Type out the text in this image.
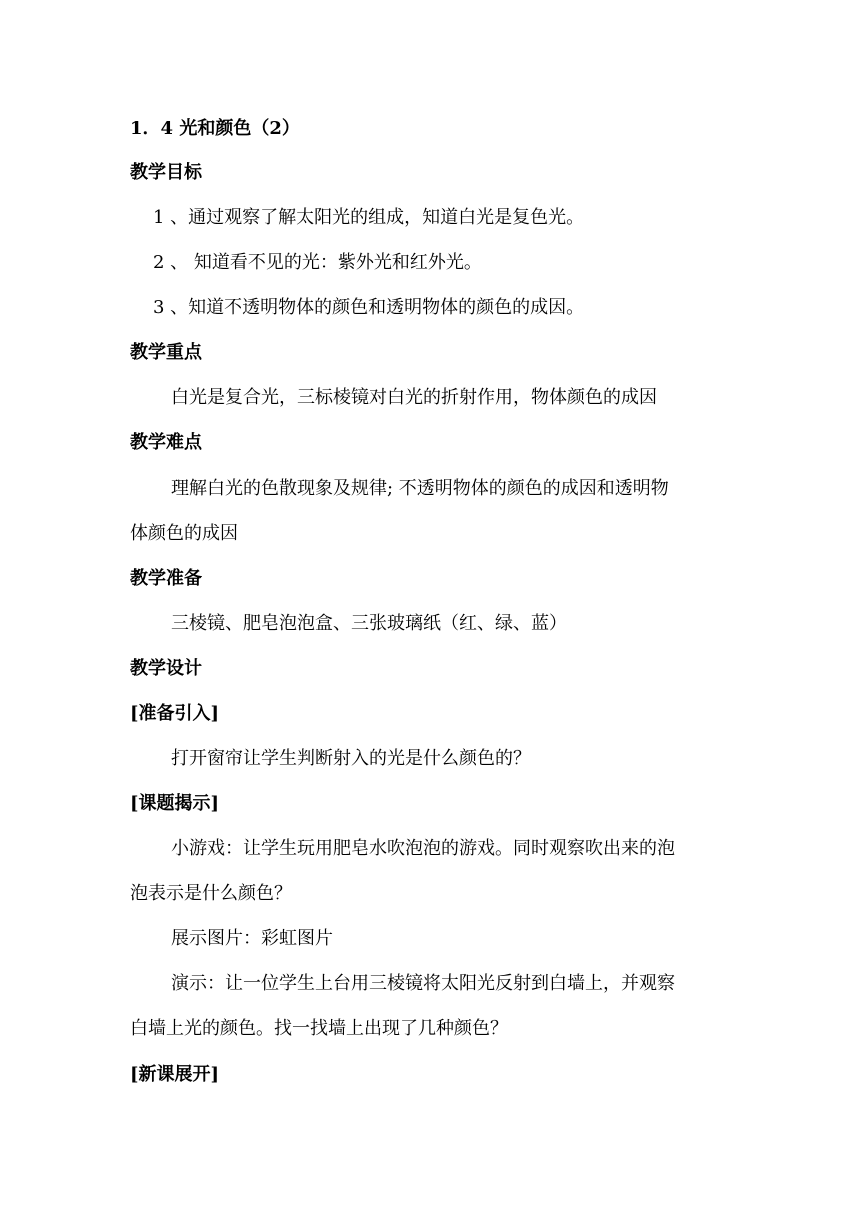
1．4 光和颜色（2）
教学目标
1 、通过观察了解太阳光的组成，知道白光是复色光。
2 、 知道看不见的光：紫外光和红外光。
3 、知道不透明物体的颜色和透明物体的颜色的成因。
教学重点
白光是复合光，三标棱镜对白光的折射作用，物体颜色的成因
教学难点
理解白光的色散现象及规律; 不透明物体的颜色的成因和透明物
体颜色的成因
教学准备
三棱镜、肥皂泡泡盒、三张玻璃纸（红、绿、蓝）
教学设计
[准备引入]
打开窗帘让学生判断射入的光是什么颜色的？
[课题揭示]
小游戏：让学生玩用肥皂水吹泡泡的游戏。同时观察吹出来的泡
泡表示是什么颜色？
展示图片：彩虹图片
演示：让一位学生上台用三棱镜将太阳光反射到白墙上，并观察
白墙上光的颜色。找一找墙上出现了几种颜色？
[新课展开]
